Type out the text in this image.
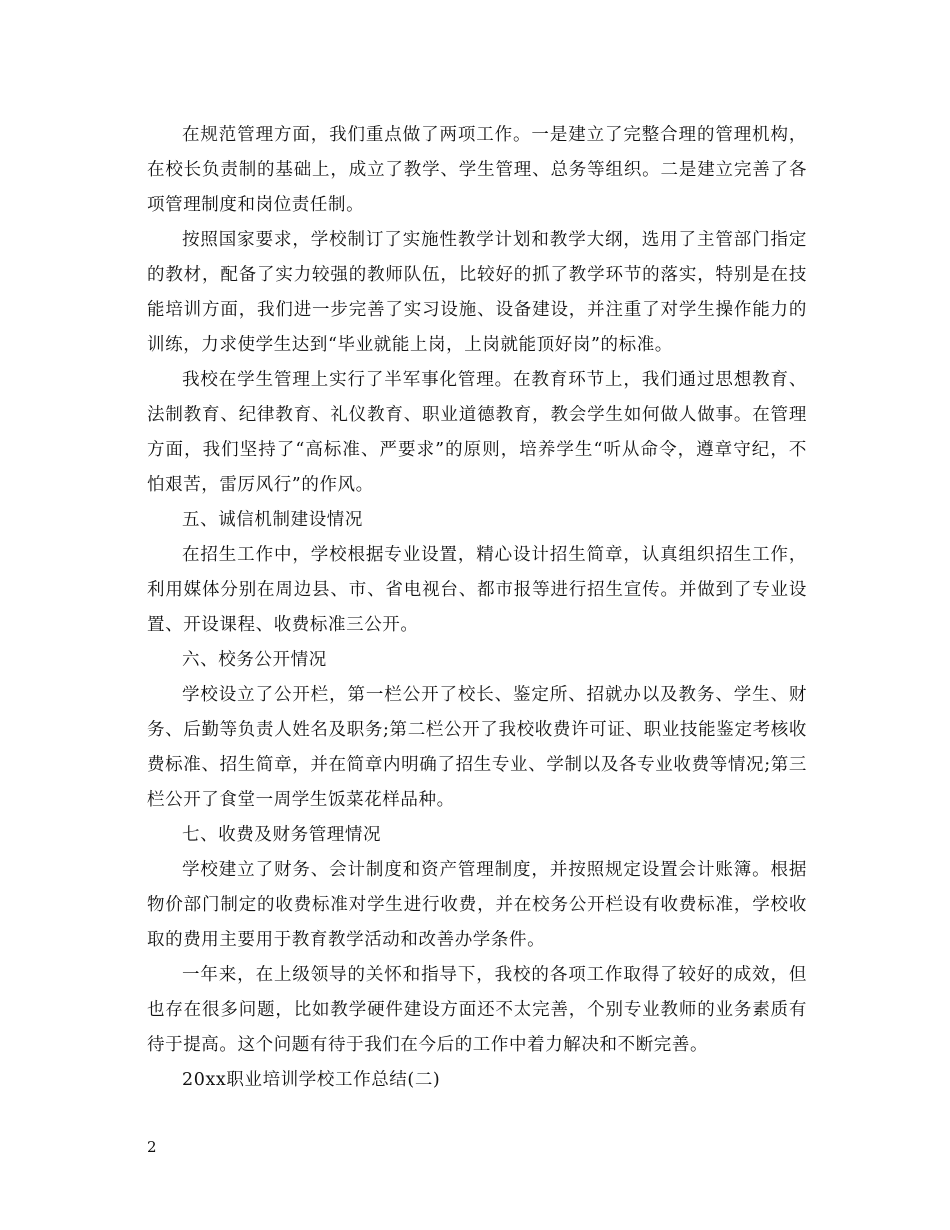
在规范管理方面，我们重点做了两项工作。一是建立了完整合理的管理机构，在校长负责制的基础上，成立了教学、学生管理、总务等组织。二是建立完善了各项管理制度和岗位责任制。

按照国家要求，学校制订了实施性教学计划和教学大纲，选用了主管部门指定的教材，配备了实力较强的教师队伍，比较好的抓了教学环节的落实，特别是在技能培训方面，我们进一步完善了实习设施、设备建设，并注重了对学生操作能力的训练，力求使学生达到“毕业就能上岗，上岗就能顶好岗”的标准。

我校在学生管理上实行了半军事化管理。在教育环节上，我们通过思想教育、法制教育、纪律教育、礼仪教育、职业道德教育，教会学生如何做人做事。在管理方面，我们坚持了“高标准、严要求”的原则，培养学生“听从命令，遵章守纪，不怕艰苦，雷厉风行”的作风。

五、诚信机制建设情况

在招生工作中，学校根据专业设置，精心设计招生简章，认真组织招生工作，利用媒体分别在周边县、市、省电视台、都市报等进行招生宣传。并做到了专业设置、开设课程、收费标准三公开。

六、校务公开情况

学校设立了公开栏，第一栏公开了校长、鉴定所、招就办以及教务、学生、财务、后勤等负责人姓名及职务;第二栏公开了我校收费许可证、职业技能鉴定考核收费标准、招生简章，并在简章内明确了招生专业、学制以及各专业收费等情况;第三栏公开了食堂一周学生饭菜花样品种。

七、收费及财务管理情况

学校建立了财务、会计制度和资产管理制度，并按照规定设置会计账簿。根据物价部门制定的收费标准对学生进行收费，并在校务公开栏设有收费标准，学校收取的费用主要用于教育教学活动和改善办学条件。

一年来，在上级领导的关怀和指导下，我校的各项工作取得了较好的成效，但也存在很多问题，比如教学硬件建设方面还不太完善，个别专业教师的业务素质有待于提高。这个问题有待于我们在今后的工作中着力解决和不断完善。

20xx职业培训学校工作总结(二)

2
